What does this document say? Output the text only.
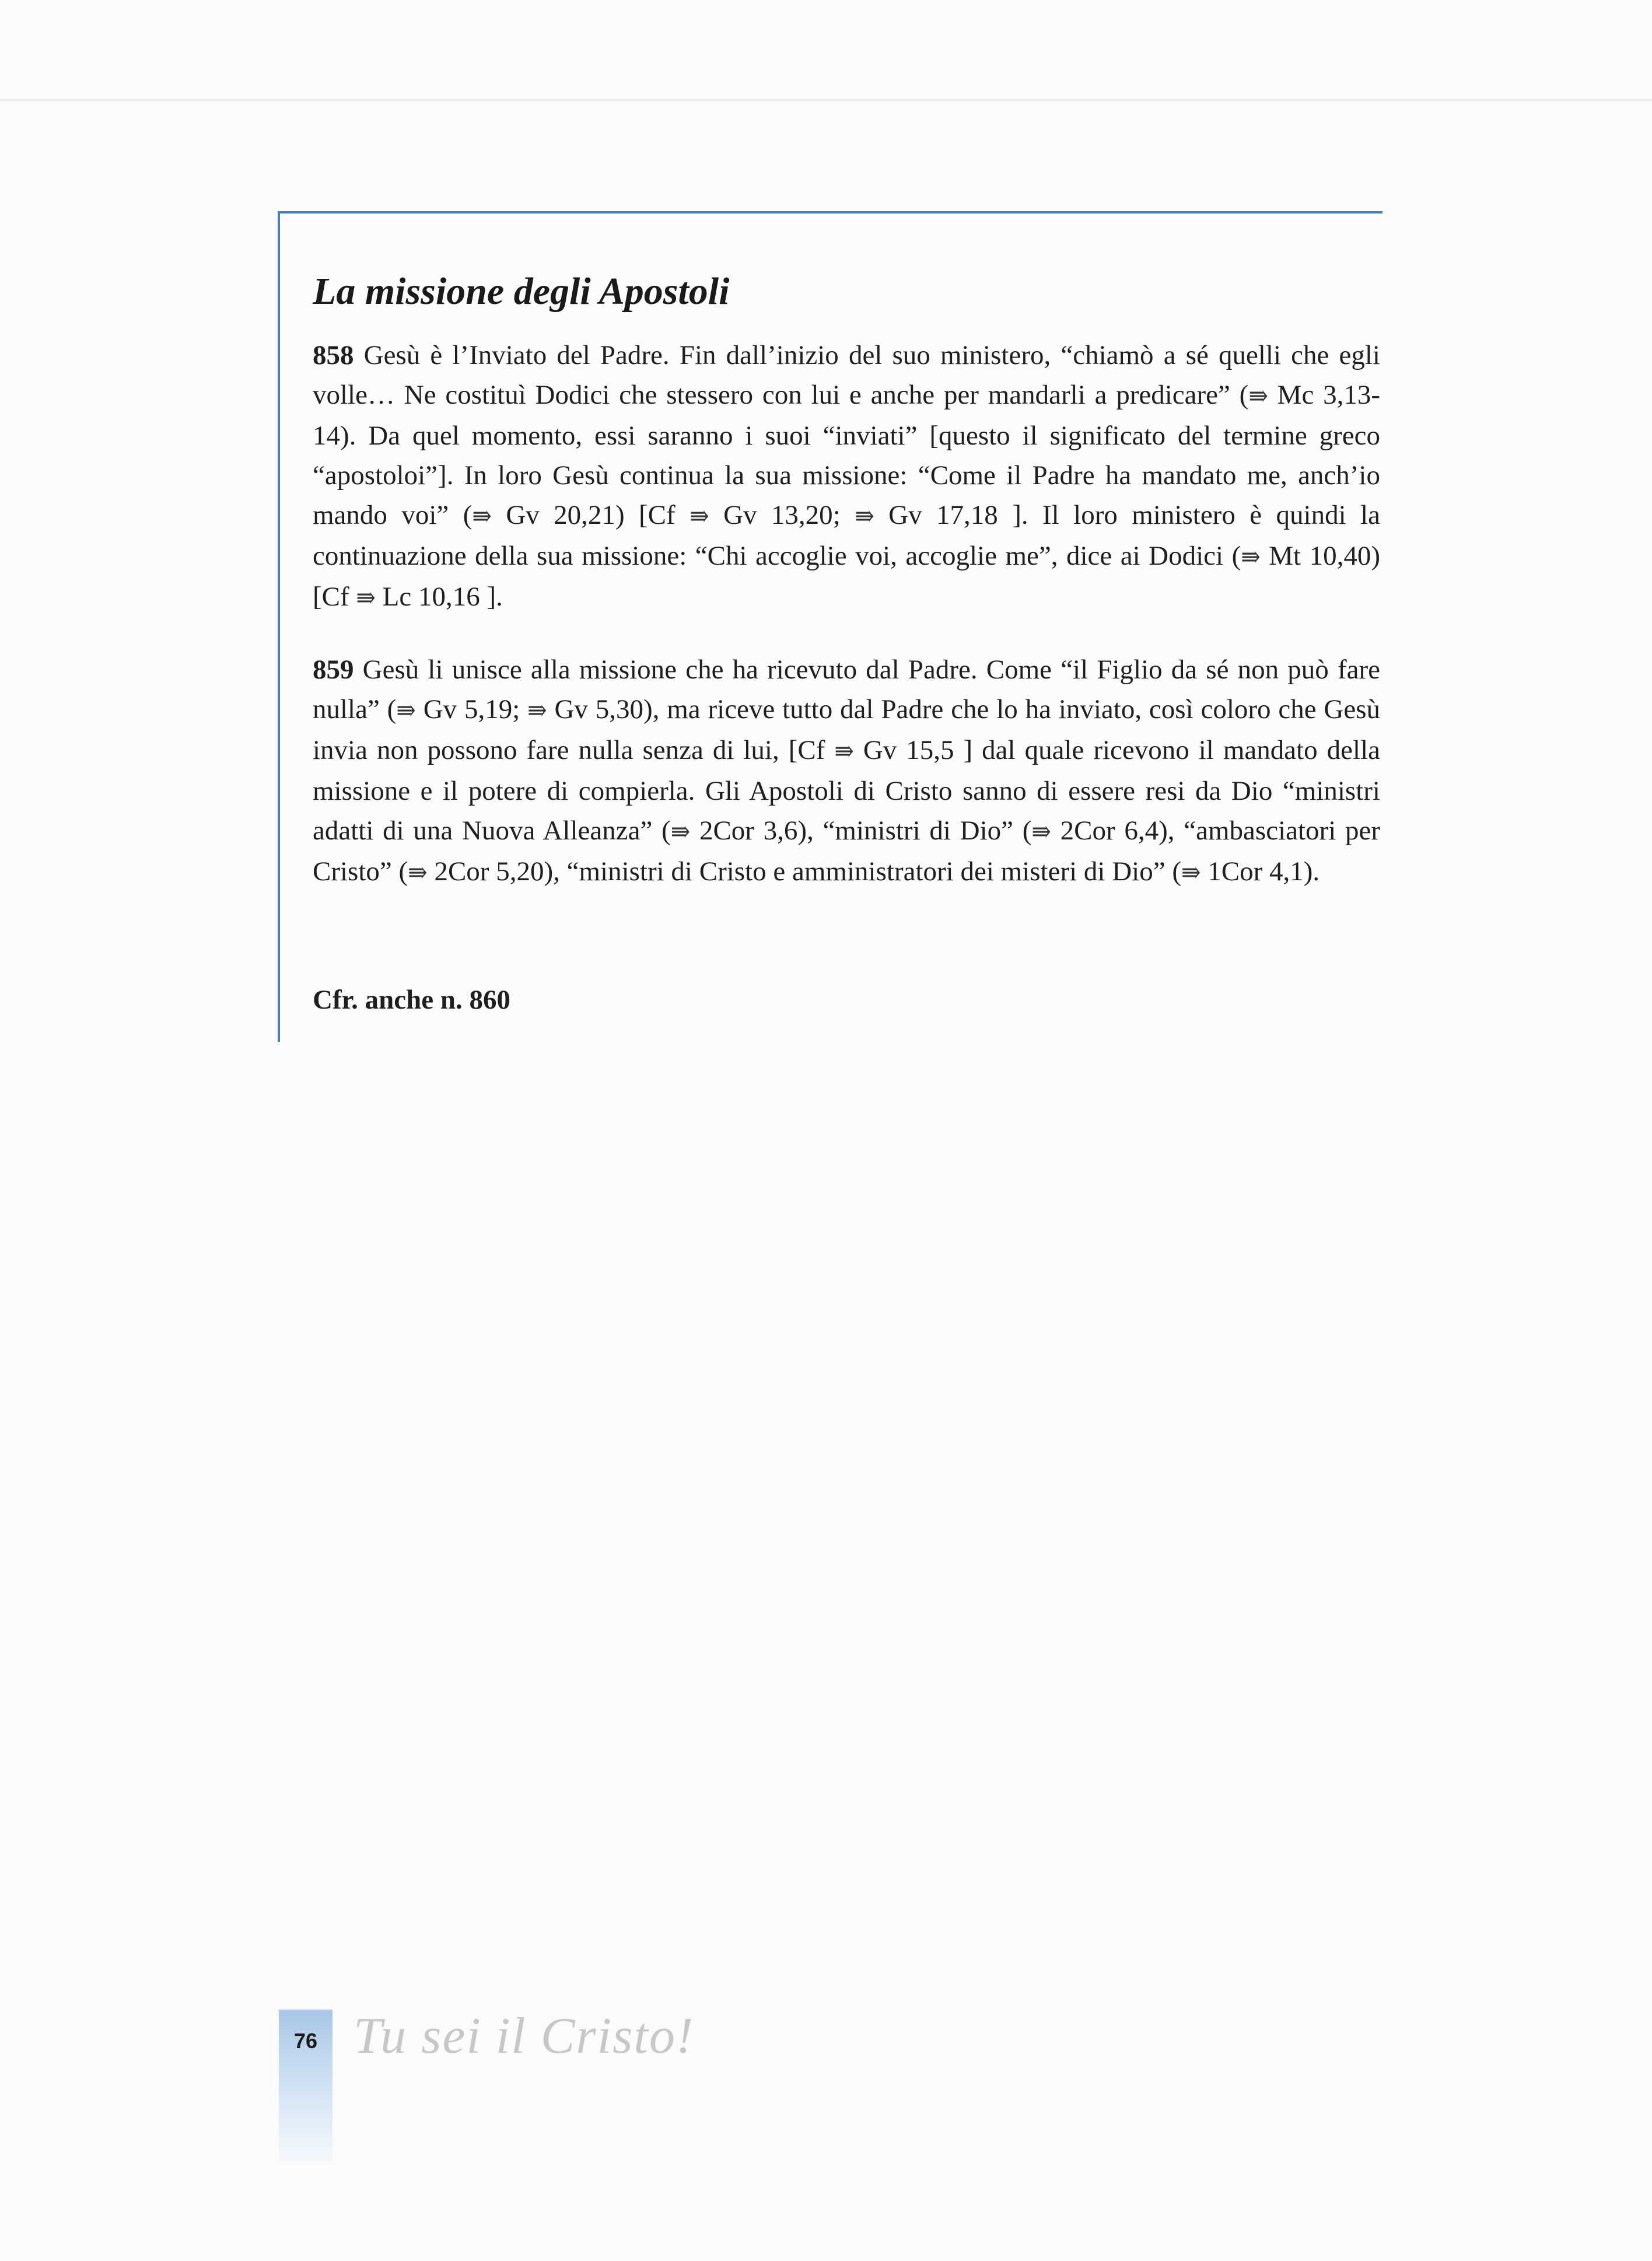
La missione degli Apostoli

858 Gesù è l’Inviato del Padre. Fin dall’inizio del suo ministero, “chiamò a sé quelli che egli volle… Ne costituì Dodici che stessero con lui e anche per mandarli a predicare” (⇛ Mc 3,13-14). Da quel momento, essi saranno i suoi “inviati” [questo il significato del termine greco “apostoloi”]. In loro Gesù continua la sua missione: “Come il Padre ha mandato me, anch’io mando voi” (⇛ Gv 20,21) [Cf ⇛ Gv 13,20; ⇛ Gv 17,18 ]. Il loro ministero è quindi la continuazione della sua missione: “Chi accoglie voi, accoglie me”, dice ai Dodici (⇛ Mt 10,40) [Cf ⇛ Lc 10,16 ].

859 Gesù li unisce alla missione che ha ricevuto dal Padre. Come “il Figlio da sé non può fare nulla” (⇛ Gv 5,19; ⇛ Gv 5,30), ma riceve tutto dal Padre che lo ha inviato, così coloro che Gesù invia non possono fare nulla senza di lui, [Cf ⇛ Gv 15,5 ] dal quale ricevono il mandato della missione e il potere di compierla. Gli Apostoli di Cristo sanno di essere resi da Dio “ministri adatti di una Nuova Alleanza” (⇛ 2Cor 3,6), “ministri di Dio” (⇛ 2Cor 6,4), “ambasciatori per Cristo” (⇛ 2Cor 5,20), “ministri di Cristo e amministratori dei misteri di Dio” (⇛ 1Cor 4,1).

Cfr. anche n. 860
76 Tu sei il Cristo!
